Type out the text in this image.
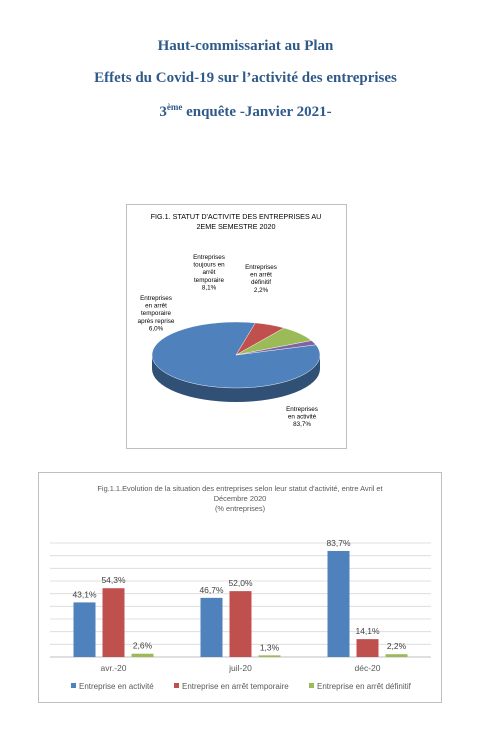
Haut-commissariat au Plan
Effets du Covid-19 sur l’activité des entreprises
3ème enquête -Janvier 2021-
FIG.1. STATUT D'ACTIVITE DES ENTREPRISES AU
2EME SEMESTRE 2020
Entreprises
en activité
83,7%
Entreprises
en arrêt
temporaire
après reprise
6,0%
Entreprises
toujours en
arrêt
temporaire
8,1%
Entreprises
en arrêt
définitif
2,2%
Fig.1.1.Evolution de la situation des entreprises selon leur statut d'activité, entre Avril et
Décembre 2020
(% entreprises)
avr.-20
43,1%
54,3%
2,6%
juil-20
46,7%
52,0%
1,3%
déc-20
83,7%
14,1%
2,2%
Entreprise en activité	Entreprise en arrêt temporaire	Entreprise en arrêt définitif
